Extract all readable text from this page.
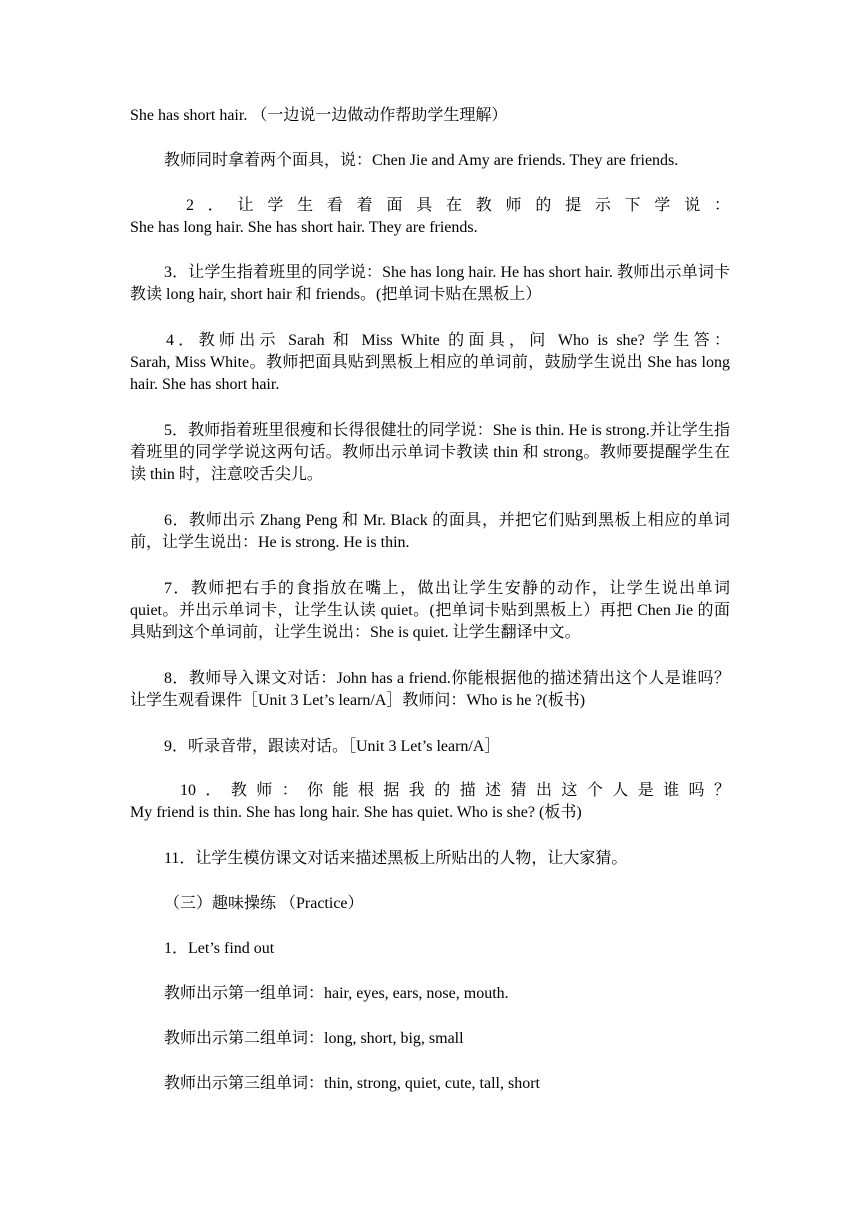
She has short hair. （一边说一边做动作帮助学生理解）

教师同时拿着两个面具，说：Chen Jie and Amy are friends. They are friends.

2．让学生看着面具在教师的提示下学说：
She has long hair. She has short hair. They are friends.

3．让学生指着班里的同学说：She has long hair. He has short hair. 教师出示单词卡教读 long hair, short hair 和 friends。(把单词卡贴在黑板上）

4．教师出示 Sarah 和 Miss White 的面具，问 Who is she? 学生答：
Sarah, Miss White。教师把面具贴到黑板上相应的单词前，鼓励学生说出 She has long hair. She has short hair.

5．教师指着班里很瘦和长得很健壮的同学说：She is thin. He is strong.并让学生指着班里的同学学说这两句话。教师出示单词卡教读 thin 和 strong。教师要提醒学生在读 thin 时，注意咬舌尖儿。

6．教师出示 Zhang Peng 和 Mr. Black 的面具，并把它们贴到黑板上相应的单词前，让学生说出：He is strong. He is thin.

7．教师把右手的食指放在嘴上，做出让学生安静的动作，让学生说出单词 quiet。并出示单词卡，让学生认读 quiet。(把单词卡贴到黑板上）再把 Chen Jie 的面具贴到这个单词前，让学生说出：She is quiet. 让学生翻译中文。

8．教师导入课文对话：John has a friend.你能根据他的描述猜出这个人是谁吗？让学生观看课件［Unit 3 Let’s learn/A］教师问：Who is he ?(板书)

9．听录音带，跟读对话。［Unit 3 Let’s learn/A］

10．教师：你能根据我的描述猜出这个人是谁吗？
My friend is thin. She has long hair. She has quiet. Who is she? (板书)

11．让学生模仿课文对话来描述黑板上所贴出的人物，让大家猜。

（三）趣味操练 （Practice）

1．Let’s find out

教师出示第一组单词：hair, eyes, ears, nose, mouth.

教师出示第二组单词：long, short, big, small

教师出示第三组单词：thin, strong, quiet, cute, tall, short
